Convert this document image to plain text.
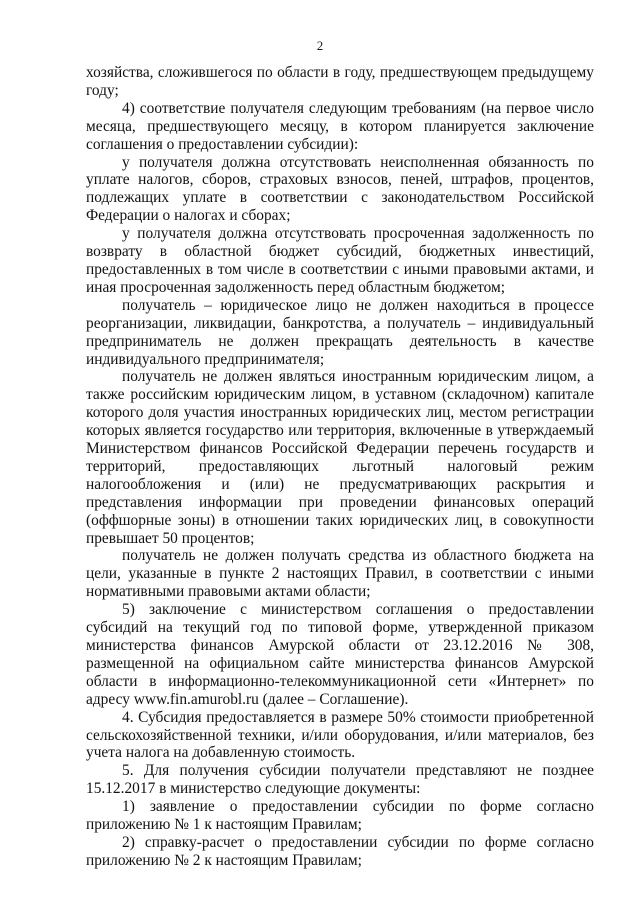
2

хозяйства, сложившегося по области в году, предшествующем предыдущему году;

4) соответствие получателя следующим требованиям (на первое число месяца, предшествующего месяцу, в котором планируется заключение соглашения о предоставлении субсидии):

у получателя должна отсутствовать неисполненная обязанность по уплате налогов, сборов, страховых взносов, пеней, штрафов, процентов, подлежащих уплате в соответствии с законодательством Российской Федерации о налогах и сборах;

у получателя должна отсутствовать просроченная задолженность по возврату в областной бюджет субсидий, бюджетных инвестиций, предоставленных в том числе в соответствии с иными правовыми актами, и иная просроченная задолженность перед областным бюджетом;

получатель – юридическое лицо не должен находиться в процессе реорганизации, ликвидации, банкротства, а получатель – индивидуальный предприниматель не должен прекращать деятельность в качестве индивидуального предпринимателя;

получатель не должен являться иностранным юридическим лицом, а также российским юридическим лицом, в уставном (складочном) капитале которого доля участия иностранных юридических лиц, местом регистрации которых является государство или территория, включенные в утверждаемый Министерством финансов Российской Федерации перечень государств и территорий, предоставляющих льготный налоговый режим налогообложения и (или) не предусматривающих раскрытия и представления информации при проведении финансовых операций (оффшорные зоны) в отношении таких юридических лиц, в совокупности превышает 50 процентов;

получатель не должен получать средства из областного бюджета на цели, указанные в пункте 2 настоящих Правил, в соответствии с иными нормативными правовыми актами области;

5) заключение с министерством соглашения о предоставлении субсидий на текущий год по типовой форме, утвержденной приказом министерства финансов Амурской области от 23.12.2016 № 308, размещенной на официальном сайте министерства финансов Амурской области в информационно-телекоммуникационной сети «Интернет» по адресу www.fin.amurobl.ru (далее – Соглашение).

4. Субсидия предоставляется в размере 50% стоимости приобретенной сельскохозяйственной техники, и/или оборудования, и/или материалов, без учета налога на добавленную стоимость.

5. Для получения субсидии получатели представляют не позднее 15.12.2017 в министерство следующие документы:

1) заявление о предоставлении субсидии по форме согласно приложению № 1 к настоящим Правилам;

2) справку-расчет о предоставлении субсидии по форме согласно приложению № 2 к настоящим Правилам;
